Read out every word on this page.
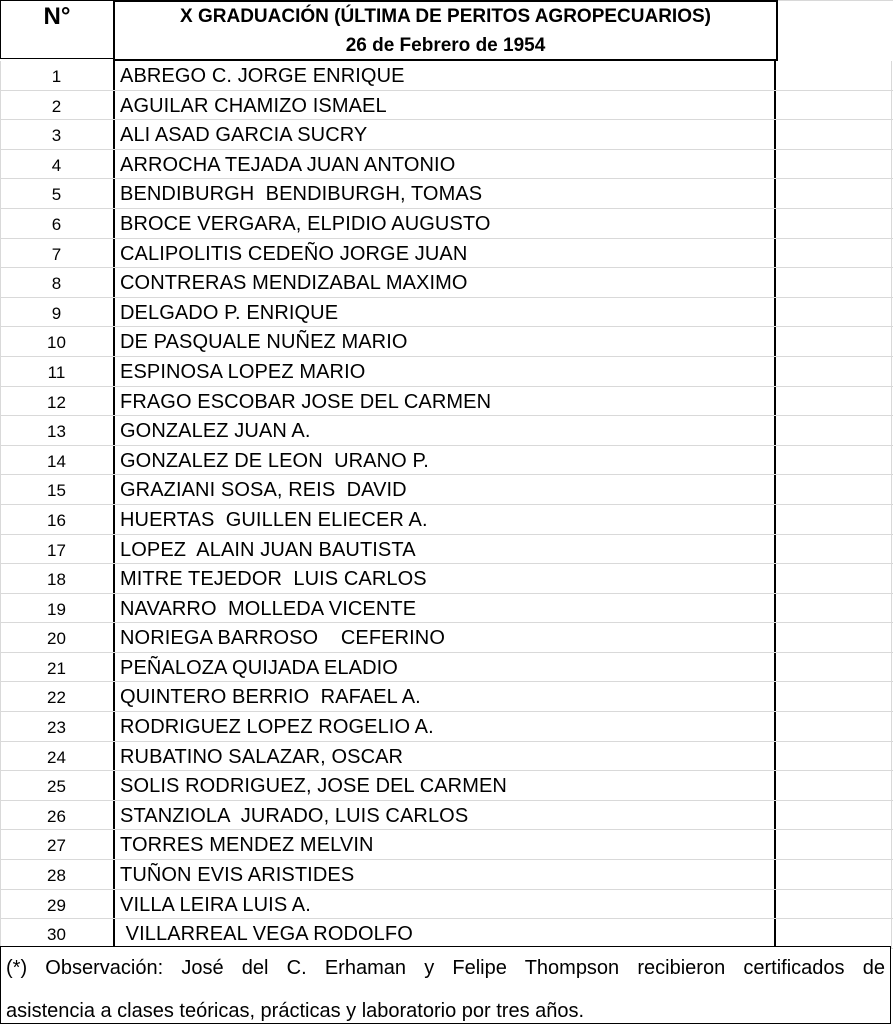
N°	X GRADUACIÓN (ÚLTIMA DE PERITOS AGROPECUARIOS)
26 de Febrero de 1954
1	ABREGO C. JORGE ENRIQUE
2	AGUILAR CHAMIZO ISMAEL
3	ALI ASAD GARCIA SUCRY
4	ARROCHA TEJADA JUAN ANTONIO
5	BENDIBURGH  BENDIBURGH, TOMAS
6	BROCE VERGARA, ELPIDIO AUGUSTO
7	CALIPOLITIS CEDEÑO JORGE JUAN
8	CONTRERAS MENDIZABAL MAXIMO
9	DELGADO P. ENRIQUE
10	DE PASQUALE NUÑEZ MARIO
11	ESPINOSA LOPEZ MARIO
12	FRAGO ESCOBAR JOSE DEL CARMEN
13	GONZALEZ JUAN A.
14	GONZALEZ DE LEON  URANO P.
15	GRAZIANI SOSA, REIS  DAVID
16	HUERTAS  GUILLEN ELIECER A.
17	LOPEZ  ALAIN JUAN BAUTISTA
18	MITRE TEJEDOR  LUIS CARLOS
19	NAVARRO  MOLLEDA VICENTE
20	NORIEGA BARROSO    CEFERINO
21	PEÑALOZA QUIJADA ELADIO
22	QUINTERO BERRIO  RAFAEL A.
23	RODRIGUEZ LOPEZ ROGELIO A.
24	RUBATINO SALAZAR, OSCAR
25	SOLIS RODRIGUEZ, JOSE DEL CARMEN
26	STANZIOLA  JURADO, LUIS CARLOS
27	TORRES MENDEZ MELVIN
28	TUÑON EVIS ARISTIDES
29	VILLA LEIRA LUIS A.
30	VILLARREAL VEGA RODOLFO
(*) Observación: José del C. Erhaman y Felipe Thompson recibieron certificados de
asistencia a clases teóricas, prácticas y laboratorio por tres años.
